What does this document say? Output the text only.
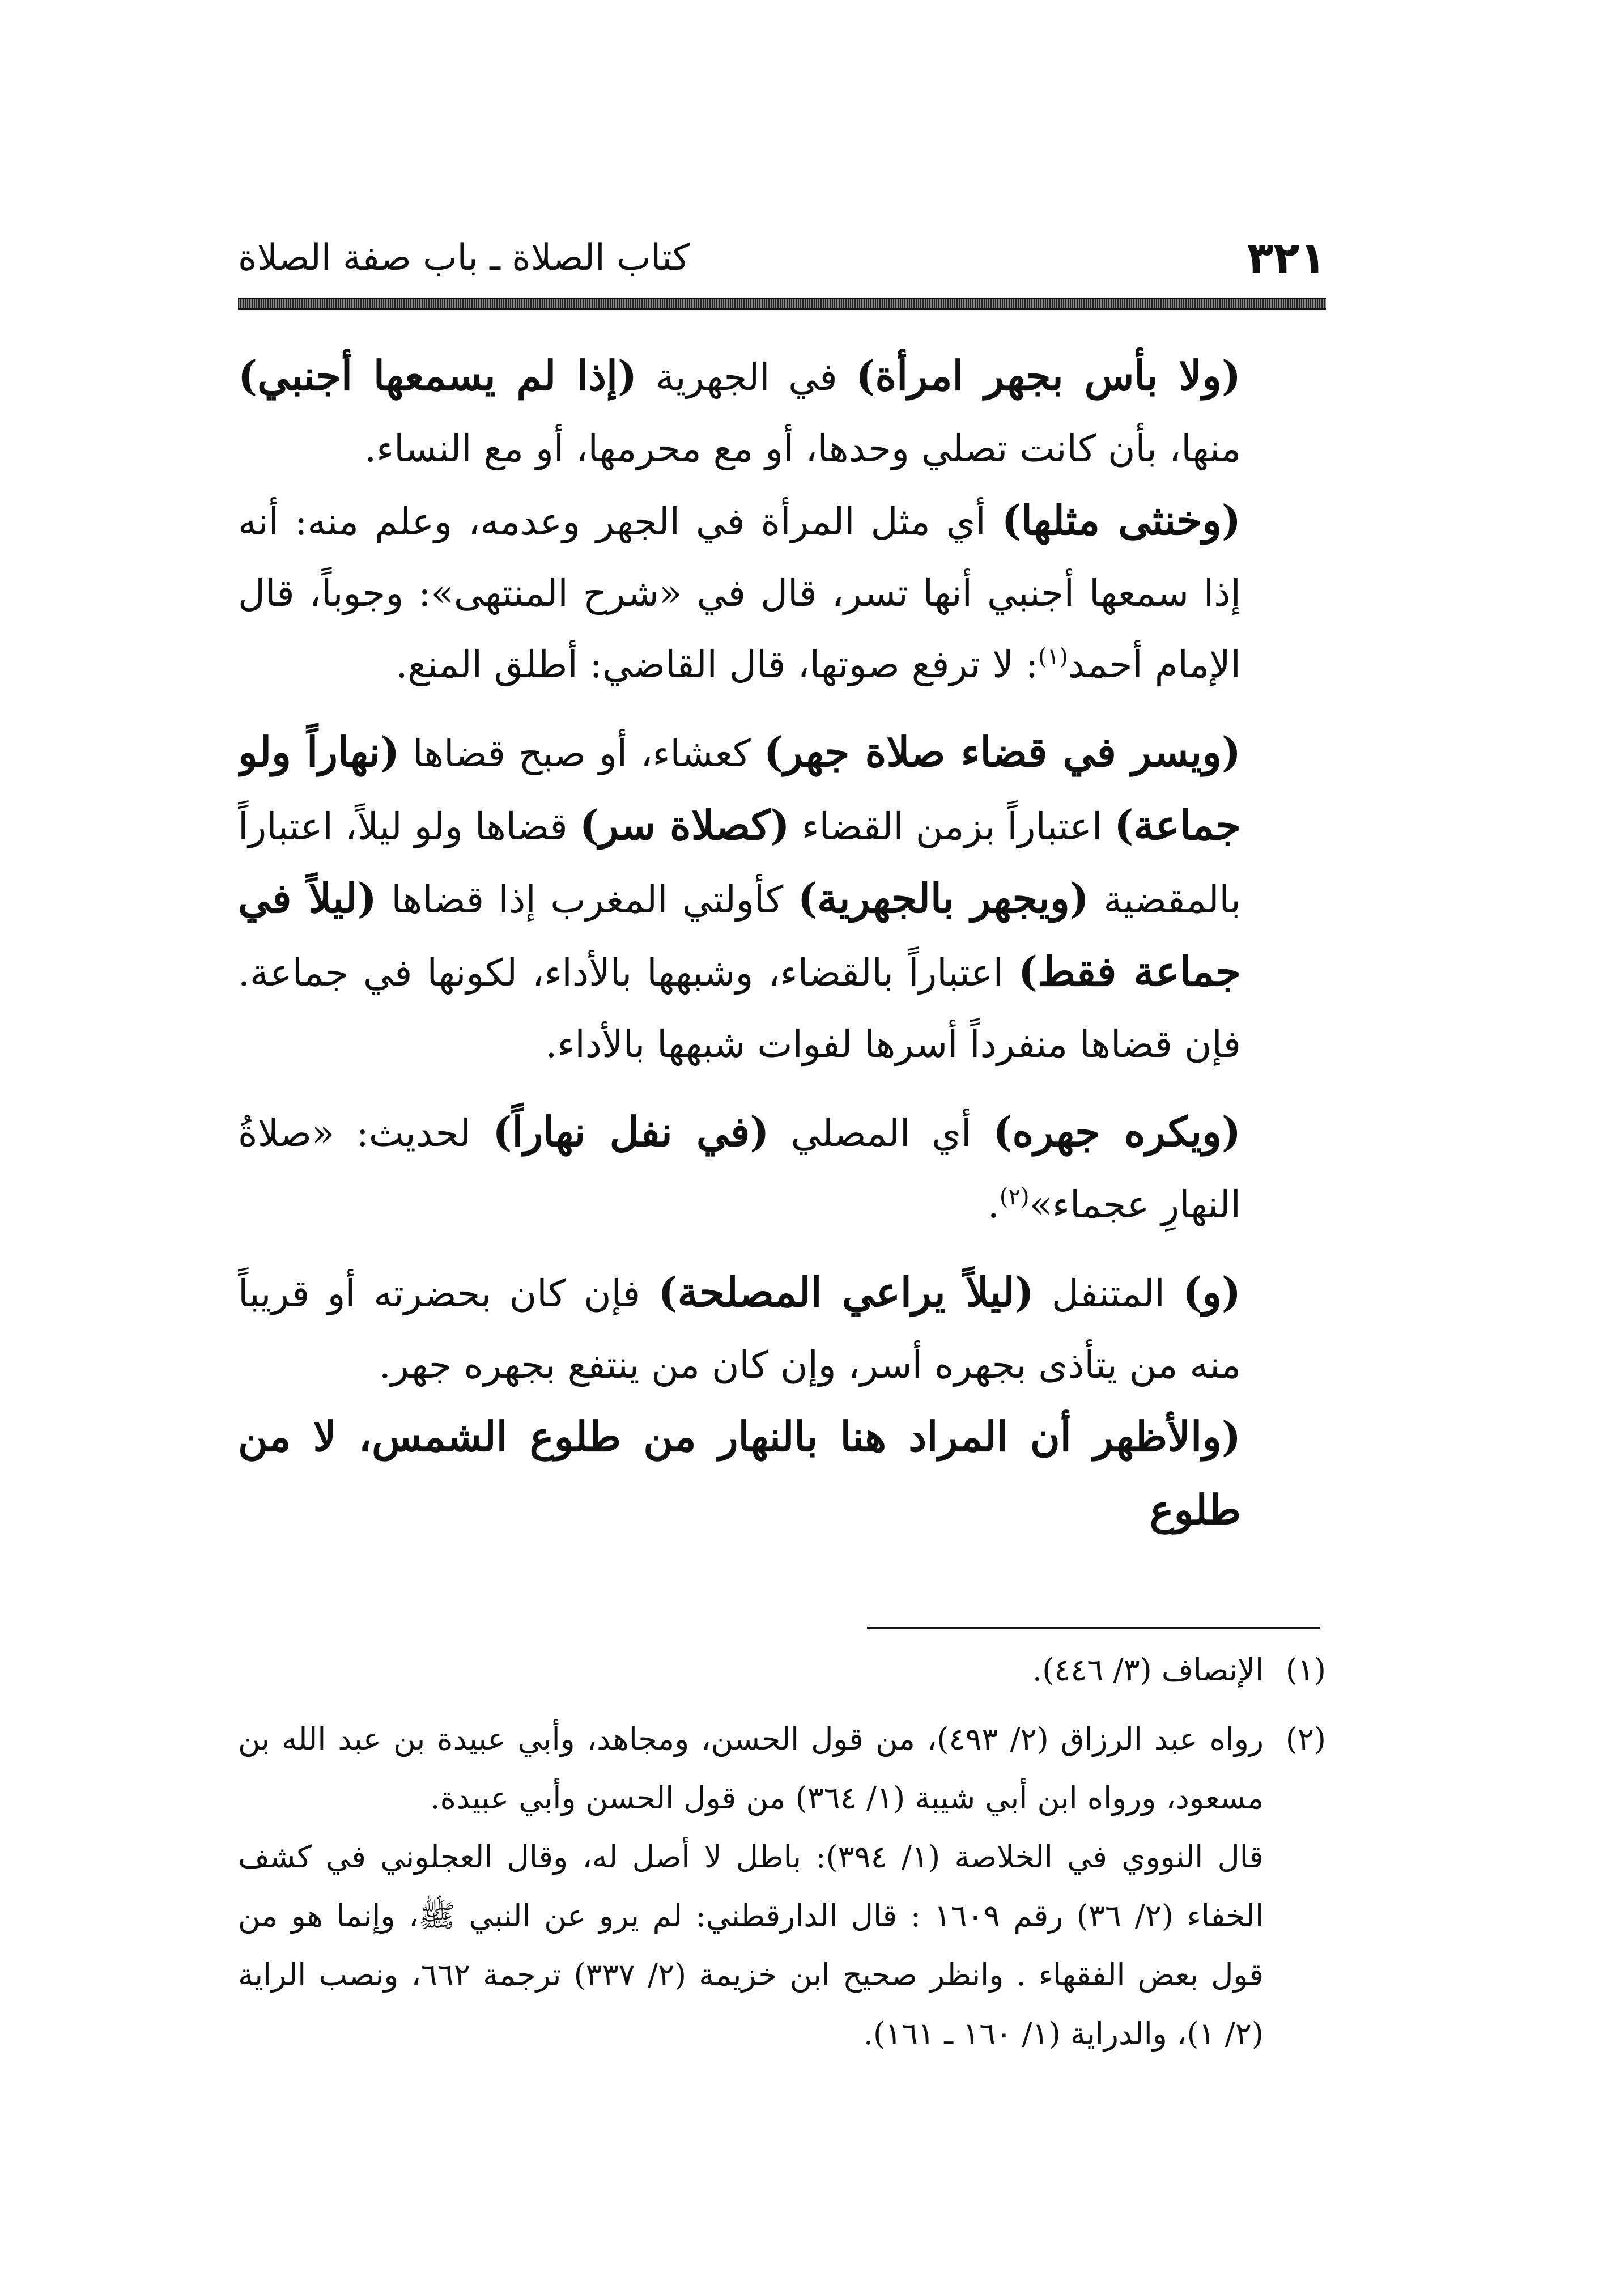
٣٢١
كتاب الصلاة ـ باب صفة الصلاة

(ولا بأس بجهر امرأة) في الجهرية (إذا لم يسمعها أجنبي) منها، بأن كانت تصلي وحدها، أو مع محرمها، أو مع النساء.

(وخنثى مثلها) أي مثل المرأة في الجهر وعدمه، وعلم منه: أنه إذا سمعها أجنبي أنها تسر، قال في «شرح المنتهى»: وجوباً، قال الإمام أحمد$^{(١)}$: لا ترفع صوتها، قال القاضي: أطلق المنع.

(ويسر في قضاء صلاة جهر) كعشاء، أو صبح قضاها (نهاراً ولو جماعة) اعتباراً بزمن القضاء (كصلاة سر) قضاها ولو ليلاً، اعتباراً بالمقضية (ويجهر بالجهرية) كأولتي المغرب إذا قضاها (ليلاً في جماعة فقط) اعتباراً بالقضاء، وشبهها بالأداء، لكونها في جماعة. فإن قضاها منفرداً أسرها لفوات شبهها بالأداء.

(ويكره جهره) أي المصلي (في نفل نهاراً) لحديث: «صلاةُ النهارِ عجماء»$^{(٢)}$.

(و) المتنفل (ليلاً يراعي المصلحة) فإن كان بحضرته أو قريباً منه من يتأذى بجهره أسر، وإن كان من ينتفع بجهره جهر.

(والأظهر أن المراد هنا بالنهار من طلوع الشمس، لا من طلوع

(١)

الإنصاف (٣/ ٤٤٦).

(٢)

رواه عبد الرزاق (٢/ ٤٩٣)، من قول الحسن، ومجاهد، وأبي عبيدة بن عبد الله بن مسعود، ورواه ابن أبي شيبة (١/ ٣٦٤) من قول الحسن وأبي عبيدة.

قال النووي في الخلاصة (١/ ٣٩٤): باطل لا أصل له، وقال العجلوني في كشف الخفاء (٢/ ٣٦) رقم ١٦٠٩ : قال الدارقطني: لم يرو عن النبي ﷺ، وإنما هو من قول بعض الفقهاء . وانظر صحيح ابن خزيمة (٢/ ٣٣٧) ترجمة ٦٦٢، ونصب الراية (٢/ ١)، والدراية (١/ ١٦٠ ـ ١٦١).
